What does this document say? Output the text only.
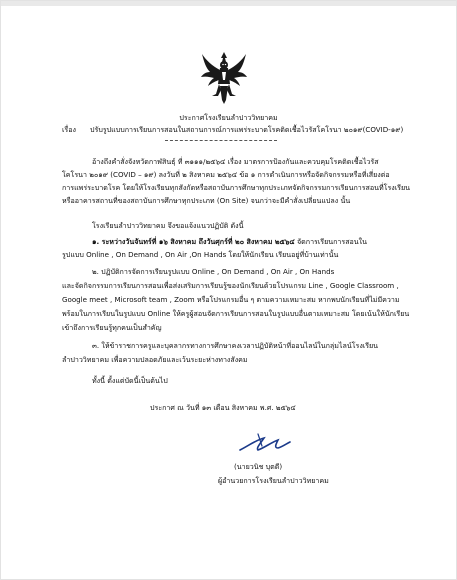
ประกาศโรงเรียนลำปาววิทยาคม
เรื่อง ปรับรูปแบบการเรียนการสอนในสถานการณ์การแพร่ระบาดโรคติดเชื้อไวรัสโคโรนา ๒๐๑๙(COVID-๑๙)
อ้างถึงคำสั่งจังหวัดกาฬสินธุ์ ที่ ๓๑๑๑/๒๕๖๔ เรื่อง มาตรการป้องกันและควบคุมโรคติดเชื้อไวรัส
โคโรนา ๒๐๑๙ (COVID – ๑๙) ลงวันที่ ๒ สิงหาคม ๒๕๖๔ ข้อ ๑ การดำเนินการหรือจัดกิจกรรมหรือที่เสี่ยงต่อ
การแพร่ระบาดโรค โดยให้โรงเรียนทุกสังกัดหรือสถาบันการศึกษาทุกประเภทจัดกิจกรรมการเรียนการสอนที่โรงเรียน
หรืออาคารสถานที่ของสถาบันการศึกษาทุกประเภท (On Site) จนกว่าจะมีคำสั่งเปลี่ยนแปลง นั้น
โรงเรียนลำปาววิทยาคม จึงขอแจ้งแนวปฏิบัติ ดังนี้
๑. ระหว่างวันจันทร์ที่ ๑๖ สิงหาคม ถึงวันศุกร์ที่ ๒๐ สิงหาคม ๒๕๖๔ จัดการเรียนการสอนใน
รูปแบบ Online , On Demand , On Air ,On Hands โดยให้นักเรียน เรียนอยู่ที่บ้านเท่านั้น
๒. ปฏิบัติการจัดการเรียนรูปแบบ Online , On Demand , On Air , On Hands
และจัดกิจกรรมการเรียนการสอนเพื่อส่งเสริมการเรียนรู้ของนักเรียนด้วยโปรแกรม Line , Google Classroom ,
Google meet , Microsoft team , Zoom หรือโปรแกรมอื่น ๆ ตามความเหมาะสม หากพบนักเรียนที่ไม่มีความ
พร้อมในการเรียนในรูปแบบ Online ให้ครูผู้สอนจัดการเรียนการสอนในรูปแบบอื่นตามเหมาะสม โดยเน้นให้นักเรียน
เข้าถึงการเรียนรู้ทุกคนเป็นสำคัญ
๓. ให้ข้าราชการครูและบุคลากรทางการศึกษาคงเวลาปฏิบัติหน้าที่ออนไลน์ในกลุ่มไลน์โรงเรียน
ลำปาววิทยาคม เพื่อความปลอดภัยและเว้นระยะห่างทางสังคม
ทั้งนี้ ตั้งแต่บัดนี้เป็นต้นไป
ประกาศ ณ วันที่ ๑๓ เดือน สิงหาคม พ.ศ. ๒๕๖๔
(นายวนิช บุตดี)
ผู้อำนวยการโรงเรียนลำปาววิทยาคม
